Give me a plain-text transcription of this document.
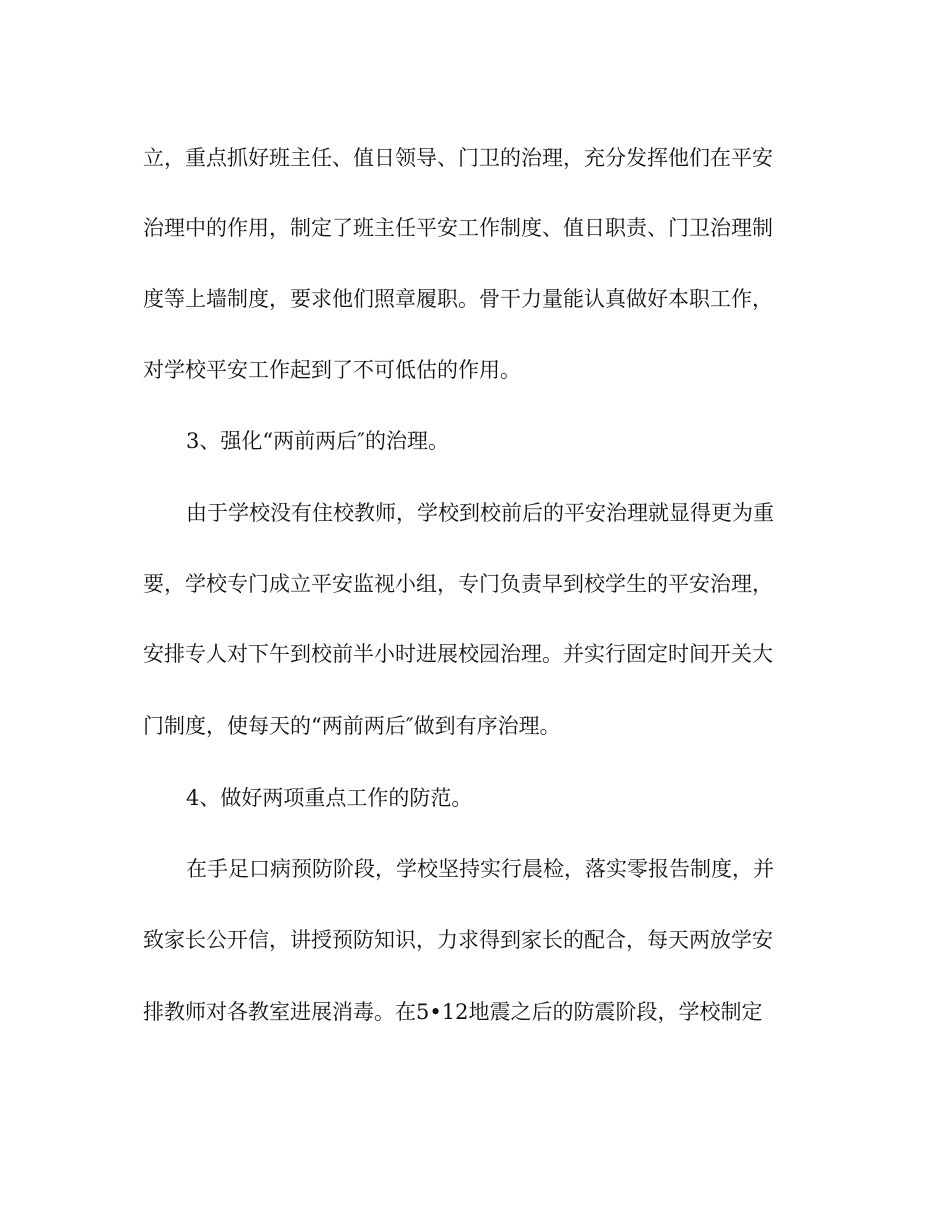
立，重点抓好班主任、值日领导、门卫的治理，充分发挥他们在平安
治理中的作用，制定了班主任平安工作制度、值日职责、门卫治理制
度等上墙制度，要求他们照章履职。骨干力量能认真做好本职工作，
对学校平安工作起到了不可低估的作用。
3、强化“两前两后″的治理。
由于学校没有住校教师，学校到校前后的平安治理就显得更为重
要，学校专门成立平安监视小组，专门负责早到校学生的平安治理，
安排专人对下午到校前半小时进展校园治理。并实行固定时间开关大
门制度，使每天的“两前两后″做到有序治理。
4、做好两项重点工作的防范。
在手足口病预防阶段，学校坚持实行晨检，落实零报告制度，并
致家长公开信，讲授预防知识，力求得到家长的配合，每天两放学安
排教师对各教室进展消毒。在5•12地震之后的防震阶段，学校制定
